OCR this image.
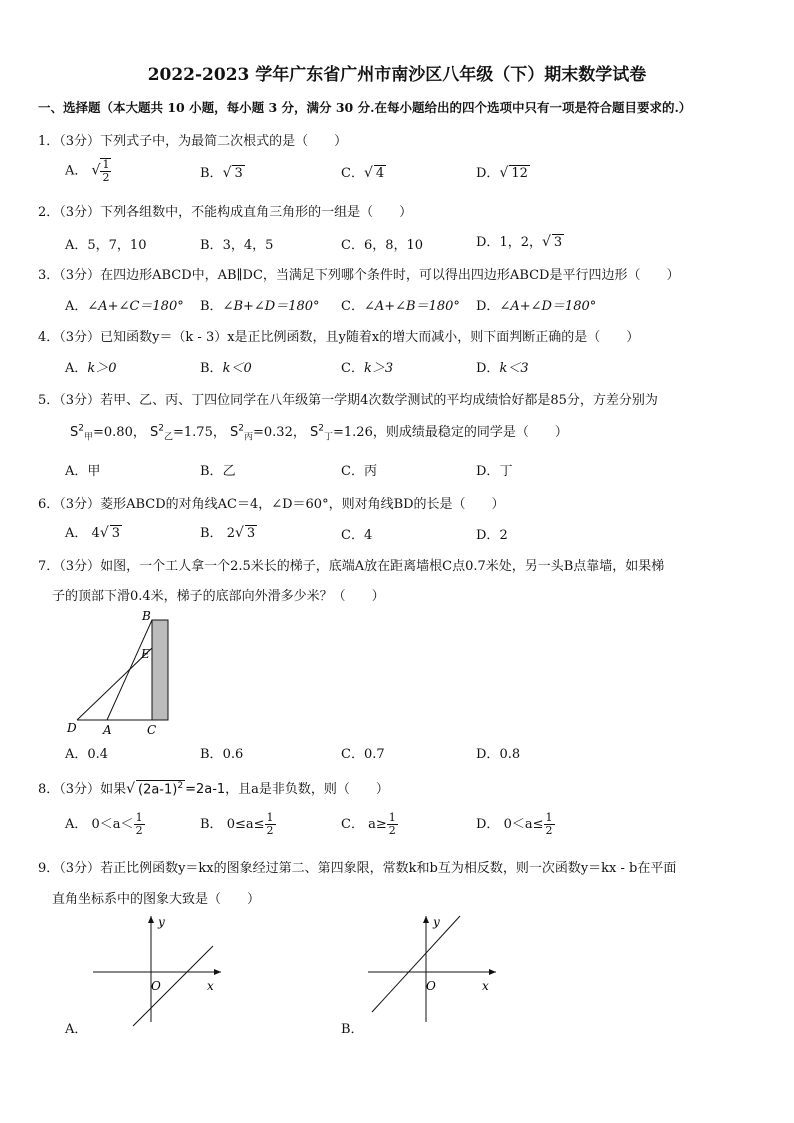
2022-2023 学年广东省广州市南沙区八年级（下）期末数学试卷
一、选择题（本大题共 10 小题，每小题 3 分，满分 30 分.在每小题给出的四个选项中只有一项是符合题目要求的.）
1．（3分）下列式子中，为最简二次根式的是（　　）
A． √ $\frac{1}{2}$	B．√ 3	C．√ 4	D．√ 12
2．（3分）下列各组数中，不能构成直角三角形的一组是（　　）
A．5，7，10	B．3，4，5	C．6，8，10	D．1，2，√ 3
3．（3分）在四边形ABCD中，AB∥DC，当满足下列哪个条件时，可以得出四边形ABCD是平行四边形（　　）
A．∠A+∠C＝180° B．∠B+∠D＝180° C．∠A+∠B＝180° D．∠A+∠D＝180°
4．（3分）已知函数y＝（k - 3）x是正比例函数，且y随着x的增大而减小，则下面判断正确的是（　　）
A．k＞0	B．k＜0	C．k＞3	D．k＜3
5．（3分）若甲、乙、丙、丁四位同学在八年级第一学期4次数学测试的平均成绩恰好都是85分，方差分别为
$S^2_甲=0.80$， $S^2_乙=1.75$， $S^2_丙=0.32$， $S^2_丁=1.26$，则成绩最稳定的同学是（　　）
A．甲	B．乙	C．丙	D．丁
6．（3分）菱形ABCD的对角线AC＝4，∠D＝60°，则对角线BD的长是（　　）
A． 4√ 3	B． 2√ 3	C．4	D．2
7．（3分）如图，一个工人拿一个2.5米长的梯子，底端A放在距离墙根C点0.7米处，另一头B点靠墙，如果梯
子的顶部下滑0.4米，梯子的底部向外滑多少米？（　　）
B
E
D A	C
A．0.4	B．0.6	C．0.7	D．0.8
8．（3分）如果√ $(2a-1)^2 =2a-1$，且a是非负数，则（　　）
A． $0<a< \frac{1}{2}$	B． $0\le a\le \frac{1}{2}$	C． $a\ge \frac{1}{2}$	D． $0<a\le \frac{1}{2}$
9．（3分）若正比例函数y＝kx的图象经过第二、第四象限，常数k和b互为相反数，则一次函数y＝kx - b在平面
直角坐标系中的图象大致是（　　）
y
x
O
A．
y
x
O
B．
